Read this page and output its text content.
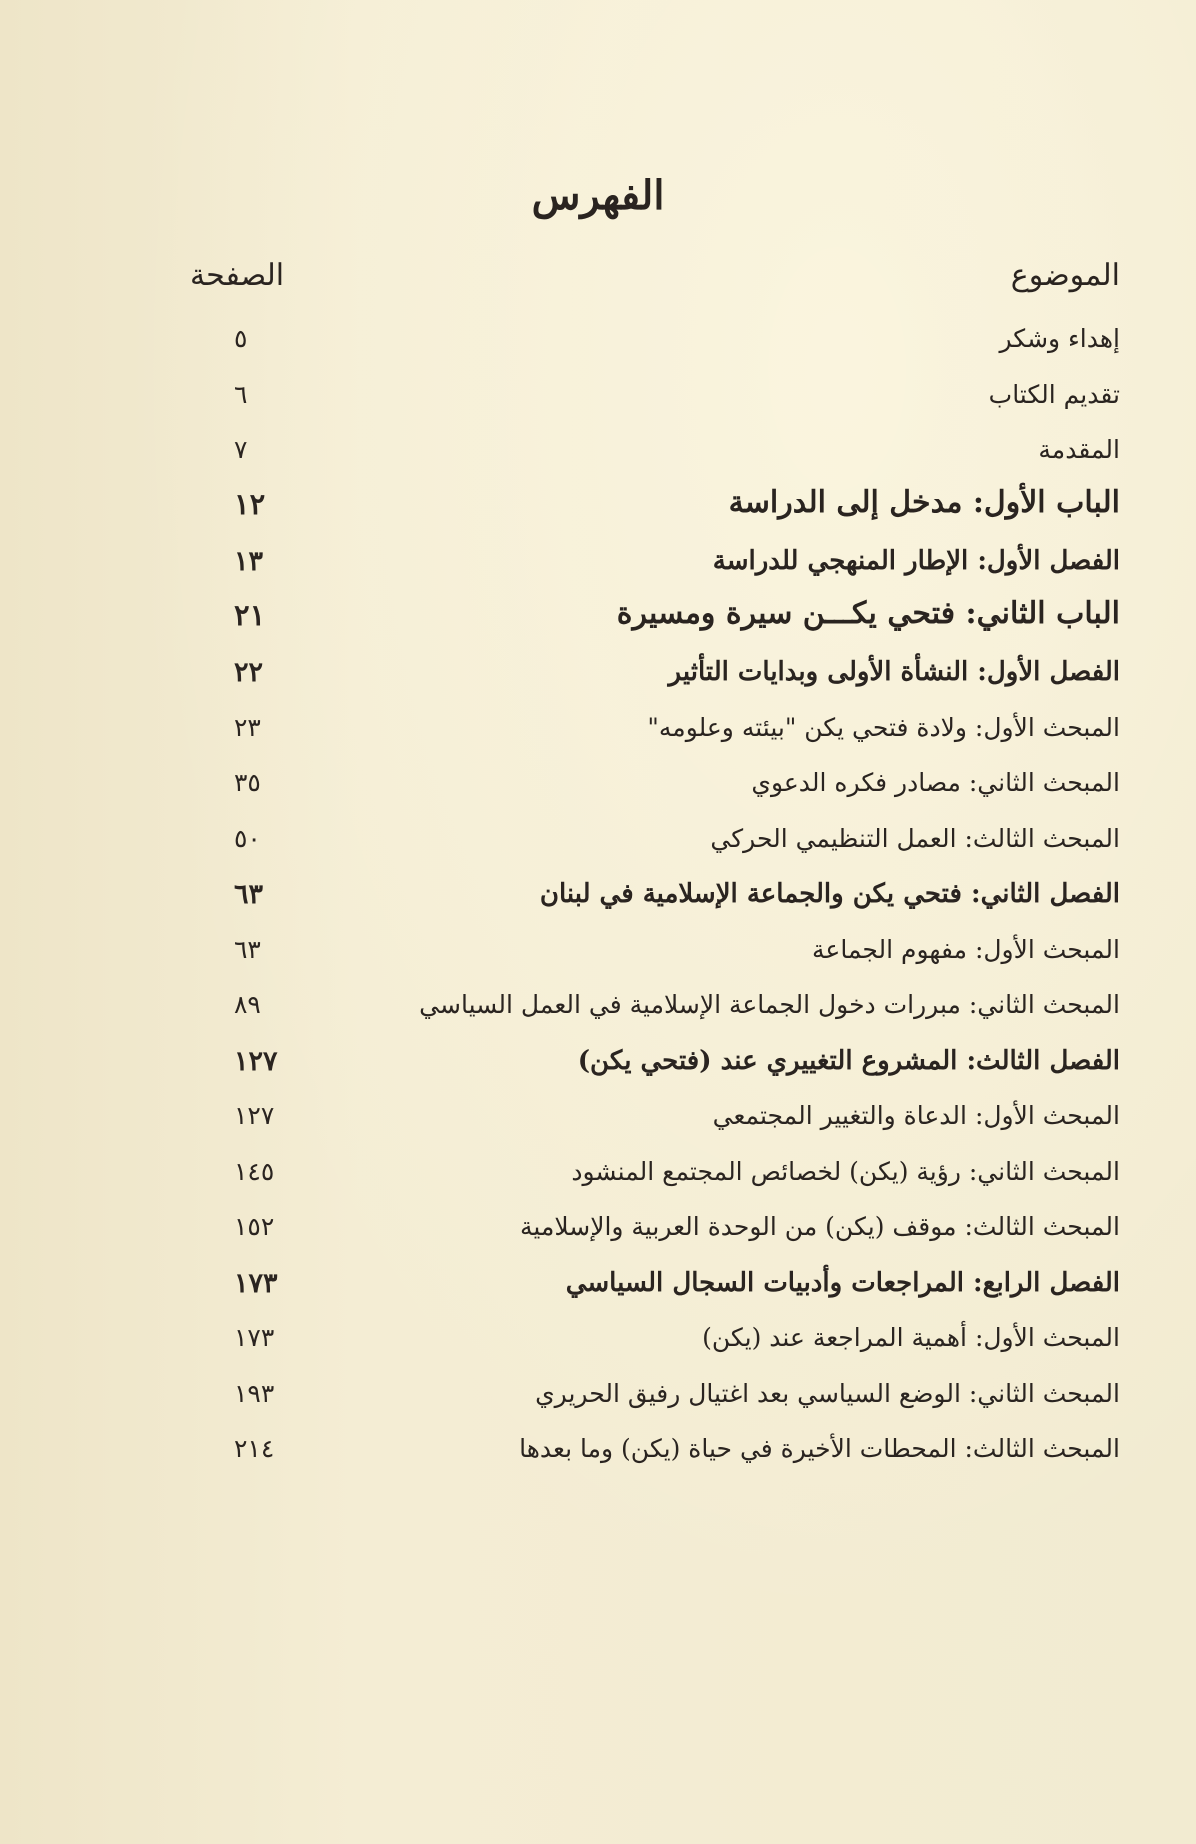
الفهرس
الموضوع
الصفحة
إهداء وشكر
٥
تقديم الكتاب
٦
المقدمة
٧
الباب الأول: مدخل إلى الدراسة
١٢
الفصل الأول: الإطار المنهجي للدراسة
١٣
الباب الثاني: فتحي يكـــن سيرة ومسيرة
٢١
الفصل الأول: النشأة الأولى وبدايات التأثير
٢٢
المبحث الأول: ولادة فتحي يكن "بيئته وعلومه"
٢٣
المبحث الثاني: مصادر فكره الدعوي
٣٥
المبحث الثالث: العمل التنظيمي الحركي
٥٠
الفصل الثاني: فتحي يكن والجماعة الإسلامية في لبنان
٦٣
المبحث الأول: مفهوم الجماعة
٦٣
المبحث الثاني: مبررات دخول الجماعة الإسلامية في العمل السياسي
٨٩
الفصل الثالث: المشروع التغييري عند (فتحي يكن)
١٢٧
المبحث الأول: الدعاة والتغيير المجتمعي
١٢٧
المبحث الثاني: رؤية (يكن) لخصائص المجتمع المنشود
١٤٥
المبحث الثالث: موقف (يكن) من الوحدة العربية والإسلامية
١٥٢
الفصل الرابع: المراجعات وأدبيات السجال السياسي
١٧٣
المبحث الأول: أهمية المراجعة عند (يكن)
١٧٣
المبحث الثاني: الوضع السياسي بعد اغتيال رفيق الحريري
١٩٣
المبحث الثالث: المحطات الأخيرة في حياة (يكن) وما بعدها
٢١٤
